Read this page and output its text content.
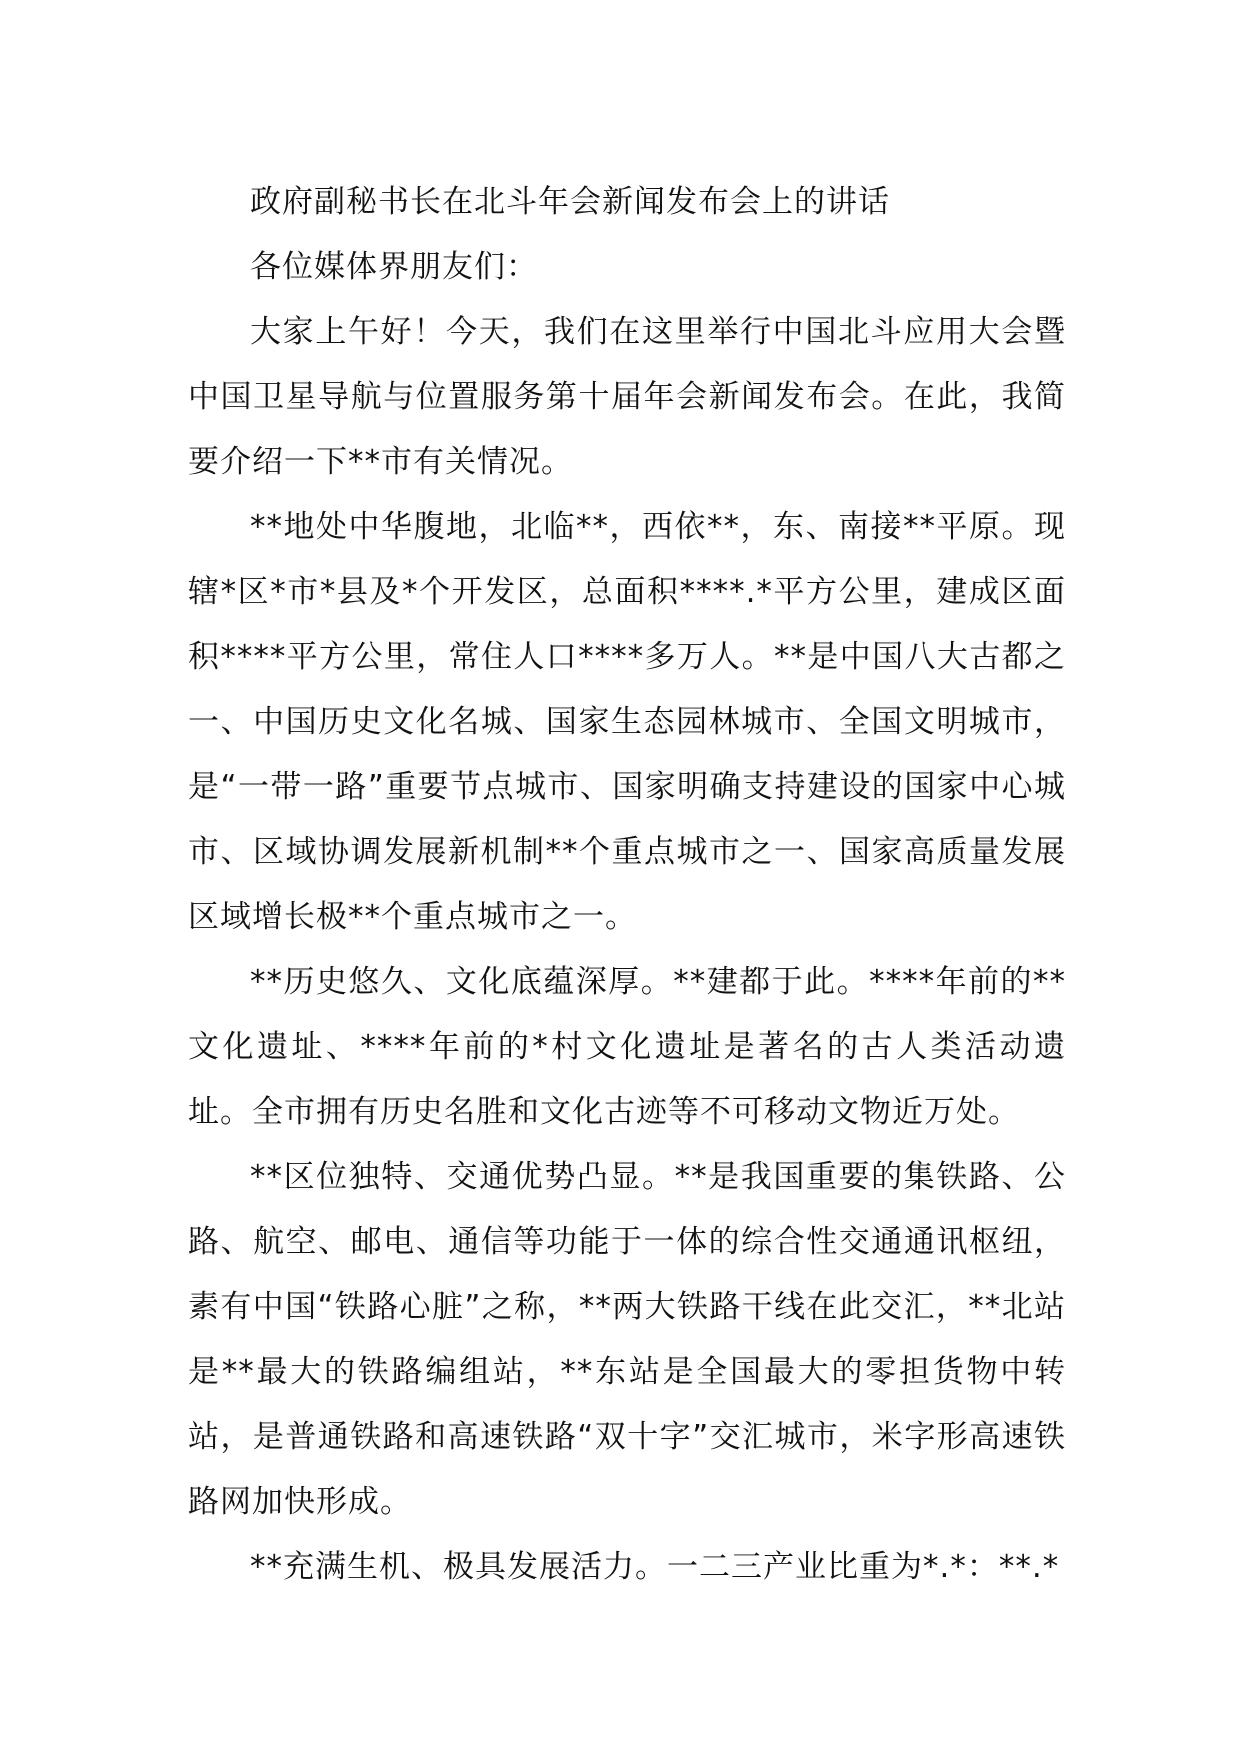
政府副秘书长在北斗年会新闻发布会上的讲话

各位媒体界朋友们：

大家上午好！今天，我们在这里举行中国北斗应用大会暨中国卫星导航与位置服务第十届年会新闻发布会。在此，我简要介绍一下**市有关情况。

**地处中华腹地，北临**，西依**，东、南接**平原。现辖*区*市*县及*个开发区，总面积****.*平方公里，建成区面积****平方公里，常住人口****多万人。**是中国八大古都之一、中国历史文化名城、国家生态园林城市、全国文明城市，是“一带一路”重要节点城市、国家明确支持建设的国家中心城市、区域协调发展新机制**个重点城市之一、国家高质量发展区域增长极**个重点城市之一。

**历史悠久、文化底蕴深厚。**建都于此。****年前的**文化遗址、****年前的*村文化遗址是著名的古人类活动遗址。全市拥有历史名胜和文化古迹等不可移动文物近万处。

**区位独特、交通优势凸显。**是我国重要的集铁路、公路、航空、邮电、通信等功能于一体的综合性交通通讯枢纽，素有中国“铁路心脏”之称，**两大铁路干线在此交汇，**北站是**最大的铁路编组站，**东站是全国最大的零担货物中转站，是普通铁路和高速铁路“双十字”交汇城市，米字形高速铁路网加快形成。

**充满生机、极具发展活力。一二三产业比重为*.*：**.*
